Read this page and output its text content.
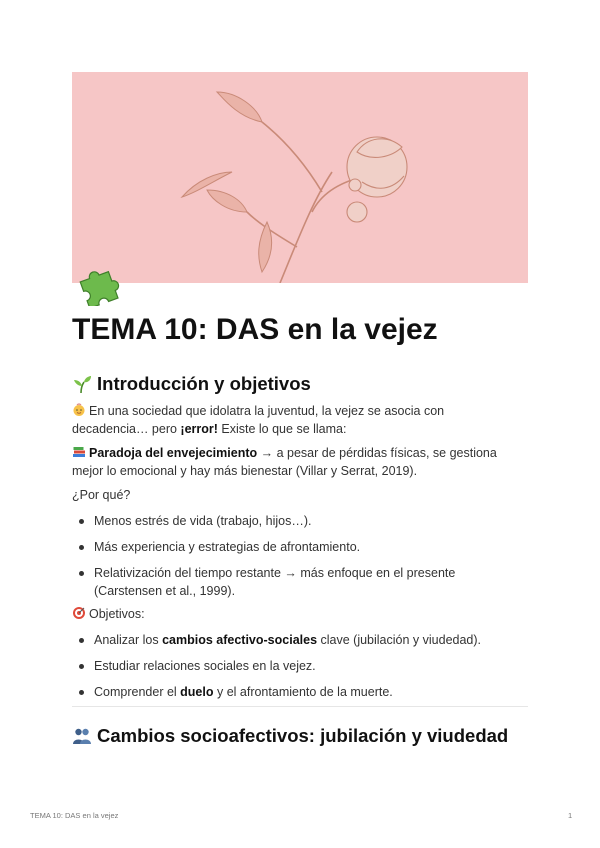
TEMA 10: DAS en la vejez
Introducción y objetivos

En una sociedad que idolatra la juventud, la vejez se asocia con decadencia… pero ¡error! Existe lo que se llama:

Paradoja del envejecimiento → a pesar de pérdidas físicas, se gestiona mejor lo emocional y hay más bienestar (Villar y Serrat, 2019).

¿Por qué?

Menos estrés de vida (trabajo, hijos…).
Más experiencia y estrategias de afrontamiento.
Relativización del tiempo restante → más enfoque en el presente (Carstensen et al., 1999).

Objetivos:

Analizar los cambios afectivo-sociales clave (jubilación y viudedad).
Estudiar relaciones sociales en la vejez.
Comprender el duelo y el afrontamiento de la muerte.
Cambios socioafectivos: jubilación y viudedad
TEMA 10: DAS en la vejez	1
